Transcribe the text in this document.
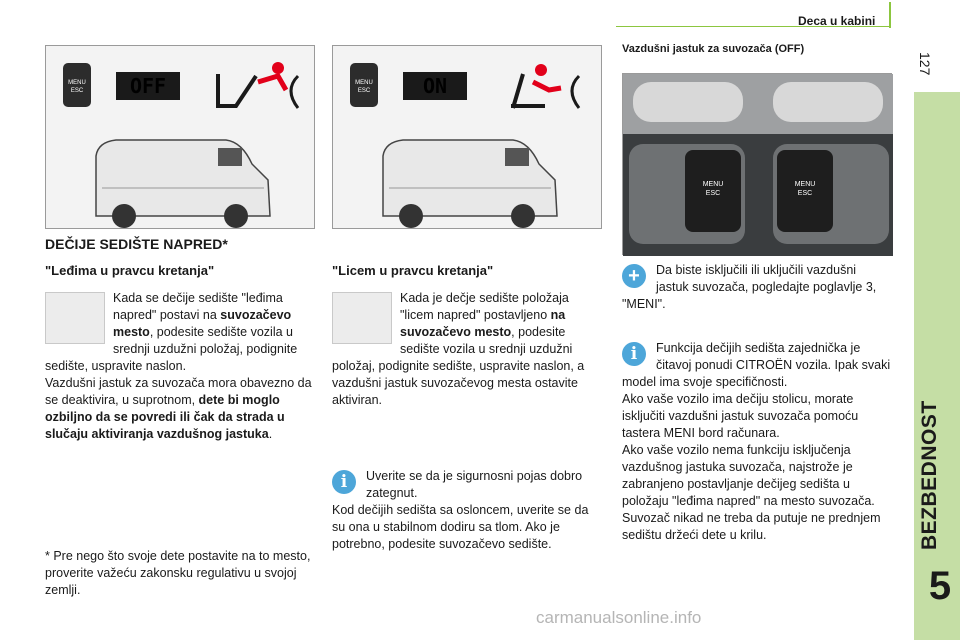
Deca u kabini
127
BEZBEDNOST
5
MENU
ESC OFF	MENU
ESC	ON
MENU
ESC
MENU
ESC
DEČIJE SEDIŠTE NAPRED*
"Leđima u pravcu kretanja"	"Licem u pravcu kretanja"
Vazdušni jastuk za suvozača (OFF)
Kada se dečije sedište "leđima napred" postavi na suvozačevo mesto, podesite sedište vozila u srednji uzdužni položaj, podignite sedište, uspravite naslon.
Vazdušni jastuk za suvozača mora obavezno da se deaktivira, u suprotnom, dete bi moglo ozbiljno da se povredi ili čak da strada u slučaju aktiviranja vazdušnog jastuka.
Kada je dečje sedište položaja "licem napred" postavljeno na suvozačevo mesto, podesite sedište vozila u srednji uzdužni položaj, podignite sedište, uspravite naslon, a vazdušni jastuk suvozačevog mesta ostavite aktiviran.
i	Uverite se da je sigurnosni pojas dobro zategnut.
Kod dečijih sedišta sa osloncem, uverite se da su ona u stabilnom dodiru sa tlom. Ako je potrebno, podesite suvozačevo sedište.
* Pre nego što svoje dete postavite na to mesto, proverite važeću zakonsku regulativu u svojoj zemlji.
+	Da biste isključili ili uključili vazdušni jastuk suvozača, pogledajte poglavlje 3, "MENI".
i	Funkcija dečijih sedišta zajednička je čitavoj ponudi CITROËN vozila. Ipak svaki model ima svoje specifičnosti.
Ako vaše vozilo ima dečiju stolicu, morate isključiti vazdušni jastuk suvozača pomoću tastera MENI bord računara.
Ako vaše vozilo nema funkciju isključenja vazdušnog jastuka suvozača, najstrože je zabranjeno postavljanje dečijeg sedišta u položaju "leđima napred" na mesto suvozača.
Suvozač nikad ne treba da putuje ne prednjem sedištu držeći dete u krilu.
carmanualsonline.info
